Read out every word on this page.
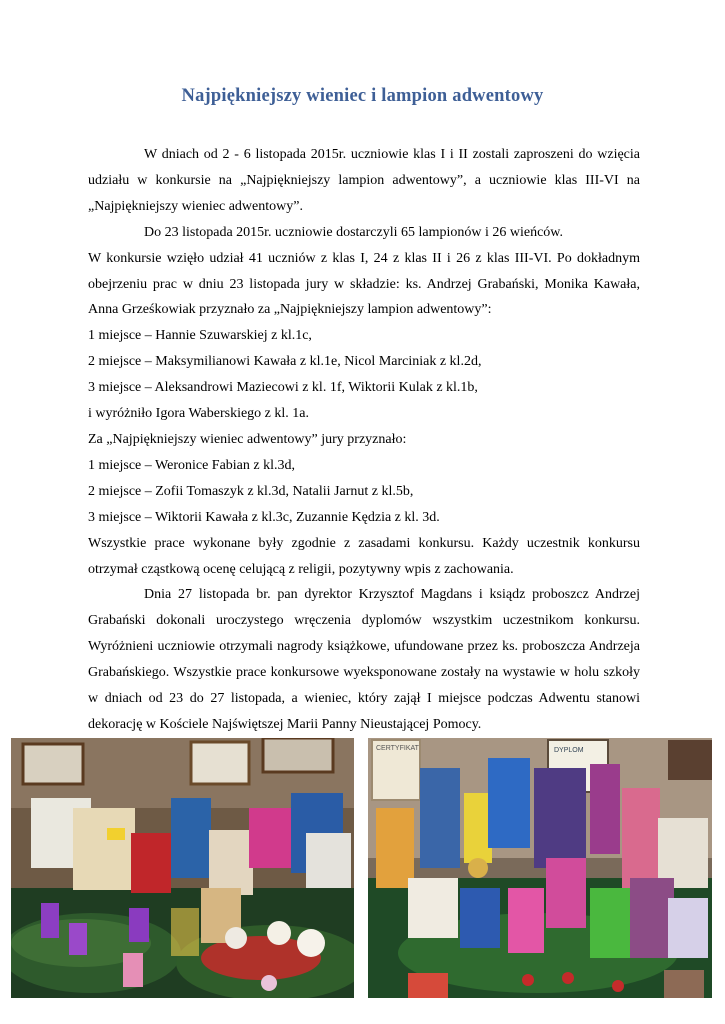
Najpiękniejszy wieniec i lampion adwentowy

W dniach od 2 - 6 listopada 2015r. uczniowie klas I i II zostali zaproszeni do wzięcia udziału w konkursie na „Najpiękniejszy lampion adwentowy”, a uczniowie klas III-VI na „Najpiękniejszy wieniec adwentowy”.

Do 23 listopada 2015r. uczniowie dostarczyli 65 lampionów i 26 wieńców.

W konkursie wzięło udział 41 uczniów z klas I, 24 z klas II i 26 z klas III-VI. Po dokładnym obejrzeniu prac w dniu 23 listopada jury w składzie: ks. Andrzej Grabański, Monika Kawała, Anna Grześkowiak przyznało za „Najpiękniejszy lampion adwentowy”:

1 miejsce – Hannie Szuwarskiej z kl.1c,

2 miejsce – Maksymilianowi Kawała z kl.1e, Nicol Marciniak z kl.2d,

3 miejsce – Aleksandrowi Maziecowi z kl. 1f, Wiktorii Kulak z kl.1b,

i wyróżniło Igora Waberskiego z kl. 1a.

Za „Najpiękniejszy wieniec adwentowy” jury przyznało:

1 miejsce – Weronice Fabian z kl.3d,

2 miejsce – Zofii Tomaszyk z kl.3d, Natalii Jarnut z kl.5b,

3 miejsce – Wiktorii Kawała z kl.3c, Zuzannie Kędzia z kl. 3d.

Wszystkie prace wykonane były zgodnie z zasadami konkursu. Każdy uczestnik konkursu otrzymał cząstkową ocenę celującą z religii, pozytywny wpis z zachowania.

Dnia 27 listopada br. pan dyrektor Krzysztof Magdans i ksiądz proboszcz Andrzej Grabański dokonali uroczystego wręczenia dyplomów wszystkim uczestnikom konkursu. Wyróżnieni uczniowie otrzymali nagrody książkowe, ufundowane przez ks. proboszcza Andrzeja Grabańskiego. Wszystkie prace konkursowe wyeksponowane zostały na wystawie w holu szkoły w dniach od 23 do 27 listopada, a wieniec, który zajął I miejsce podczas Adwentu stanowi dekorację w Kościele Najświętszej Marii Panny Nieustającej Pomocy.

CERTYFIKAT	DYPLOM
